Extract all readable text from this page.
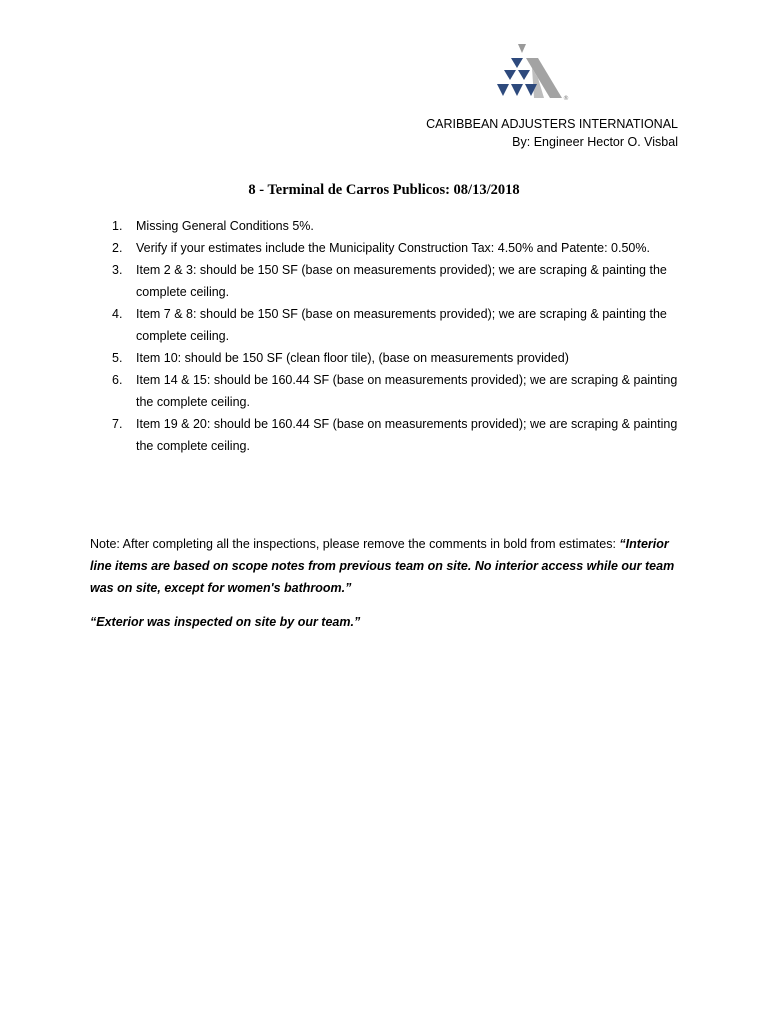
®
CARIBBEAN ADJUSTERS INTERNATIONAL
By: Engineer Hector O. Visbal
8 - Terminal de Carros Publicos: 08/13/2018
1. Missing General Conditions 5%.
2. Verify if your estimates include the Municipality Construction Tax: 4.50% and Patente: 0.50%.
3. Item 2 & 3: should be 150 SF (base on measurements provided); we are scraping & painting the complete ceiling.
4. Item 7 & 8: should be 150 SF (base on measurements provided); we are scraping & painting the complete ceiling.
5. Item 10: should be 150 SF (clean floor tile), (base on measurements provided)
6. Item 14 & 15: should be 160.44 SF (base on measurements provided); we are scraping & painting the complete ceiling.
7. Item 19 & 20: should be 160.44 SF (base on measurements provided); we are scraping & painting the complete ceiling.
Note: After completing all the inspections, please remove the comments in bold from estimates: “Interior line items are based on scope notes from previous team on site. No interior access while our team was on site, except for women's bathroom.”
“Exterior was inspected on site by our team.”
